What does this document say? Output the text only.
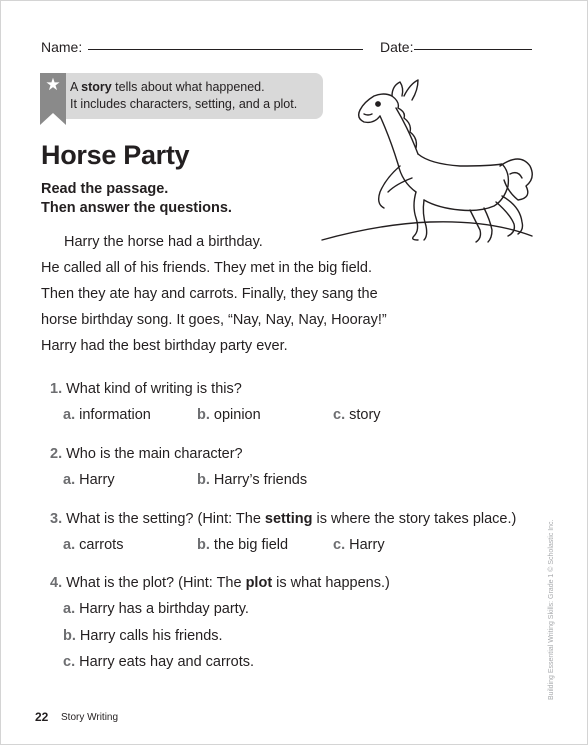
Name:	Date:
★ A story tells about what happened.
It includes characters, setting, and a plot.
Horse Party
Read the passage.
Then answer the questions.
Harry the horse had a birthday.
He called all of his friends. They met in the big field.
Then they ate hay and carrots. Finally, they sang the
horse birthday song. It goes, “Nay, Nay, Nay, Hooray!”
Harry had the best birthday party ever.
1. What kind of writing is this?
a. information	b. opinion	c. story
2. Who is the main character?
a. Harry	b. Harry’s friends
3. What is the setting? (Hint: The setting is where the story takes place.)
a. carrots	b. the big field	c. Harry
4. What is the plot? (Hint: The plot is what happens.)
a. Harry has a birthday party.
b. Harry calls his friends.
c. Harry eats hay and carrots.	Building Essential Writing Skills: Grade 1 © Scholastic Inc.
22 Story Writing
